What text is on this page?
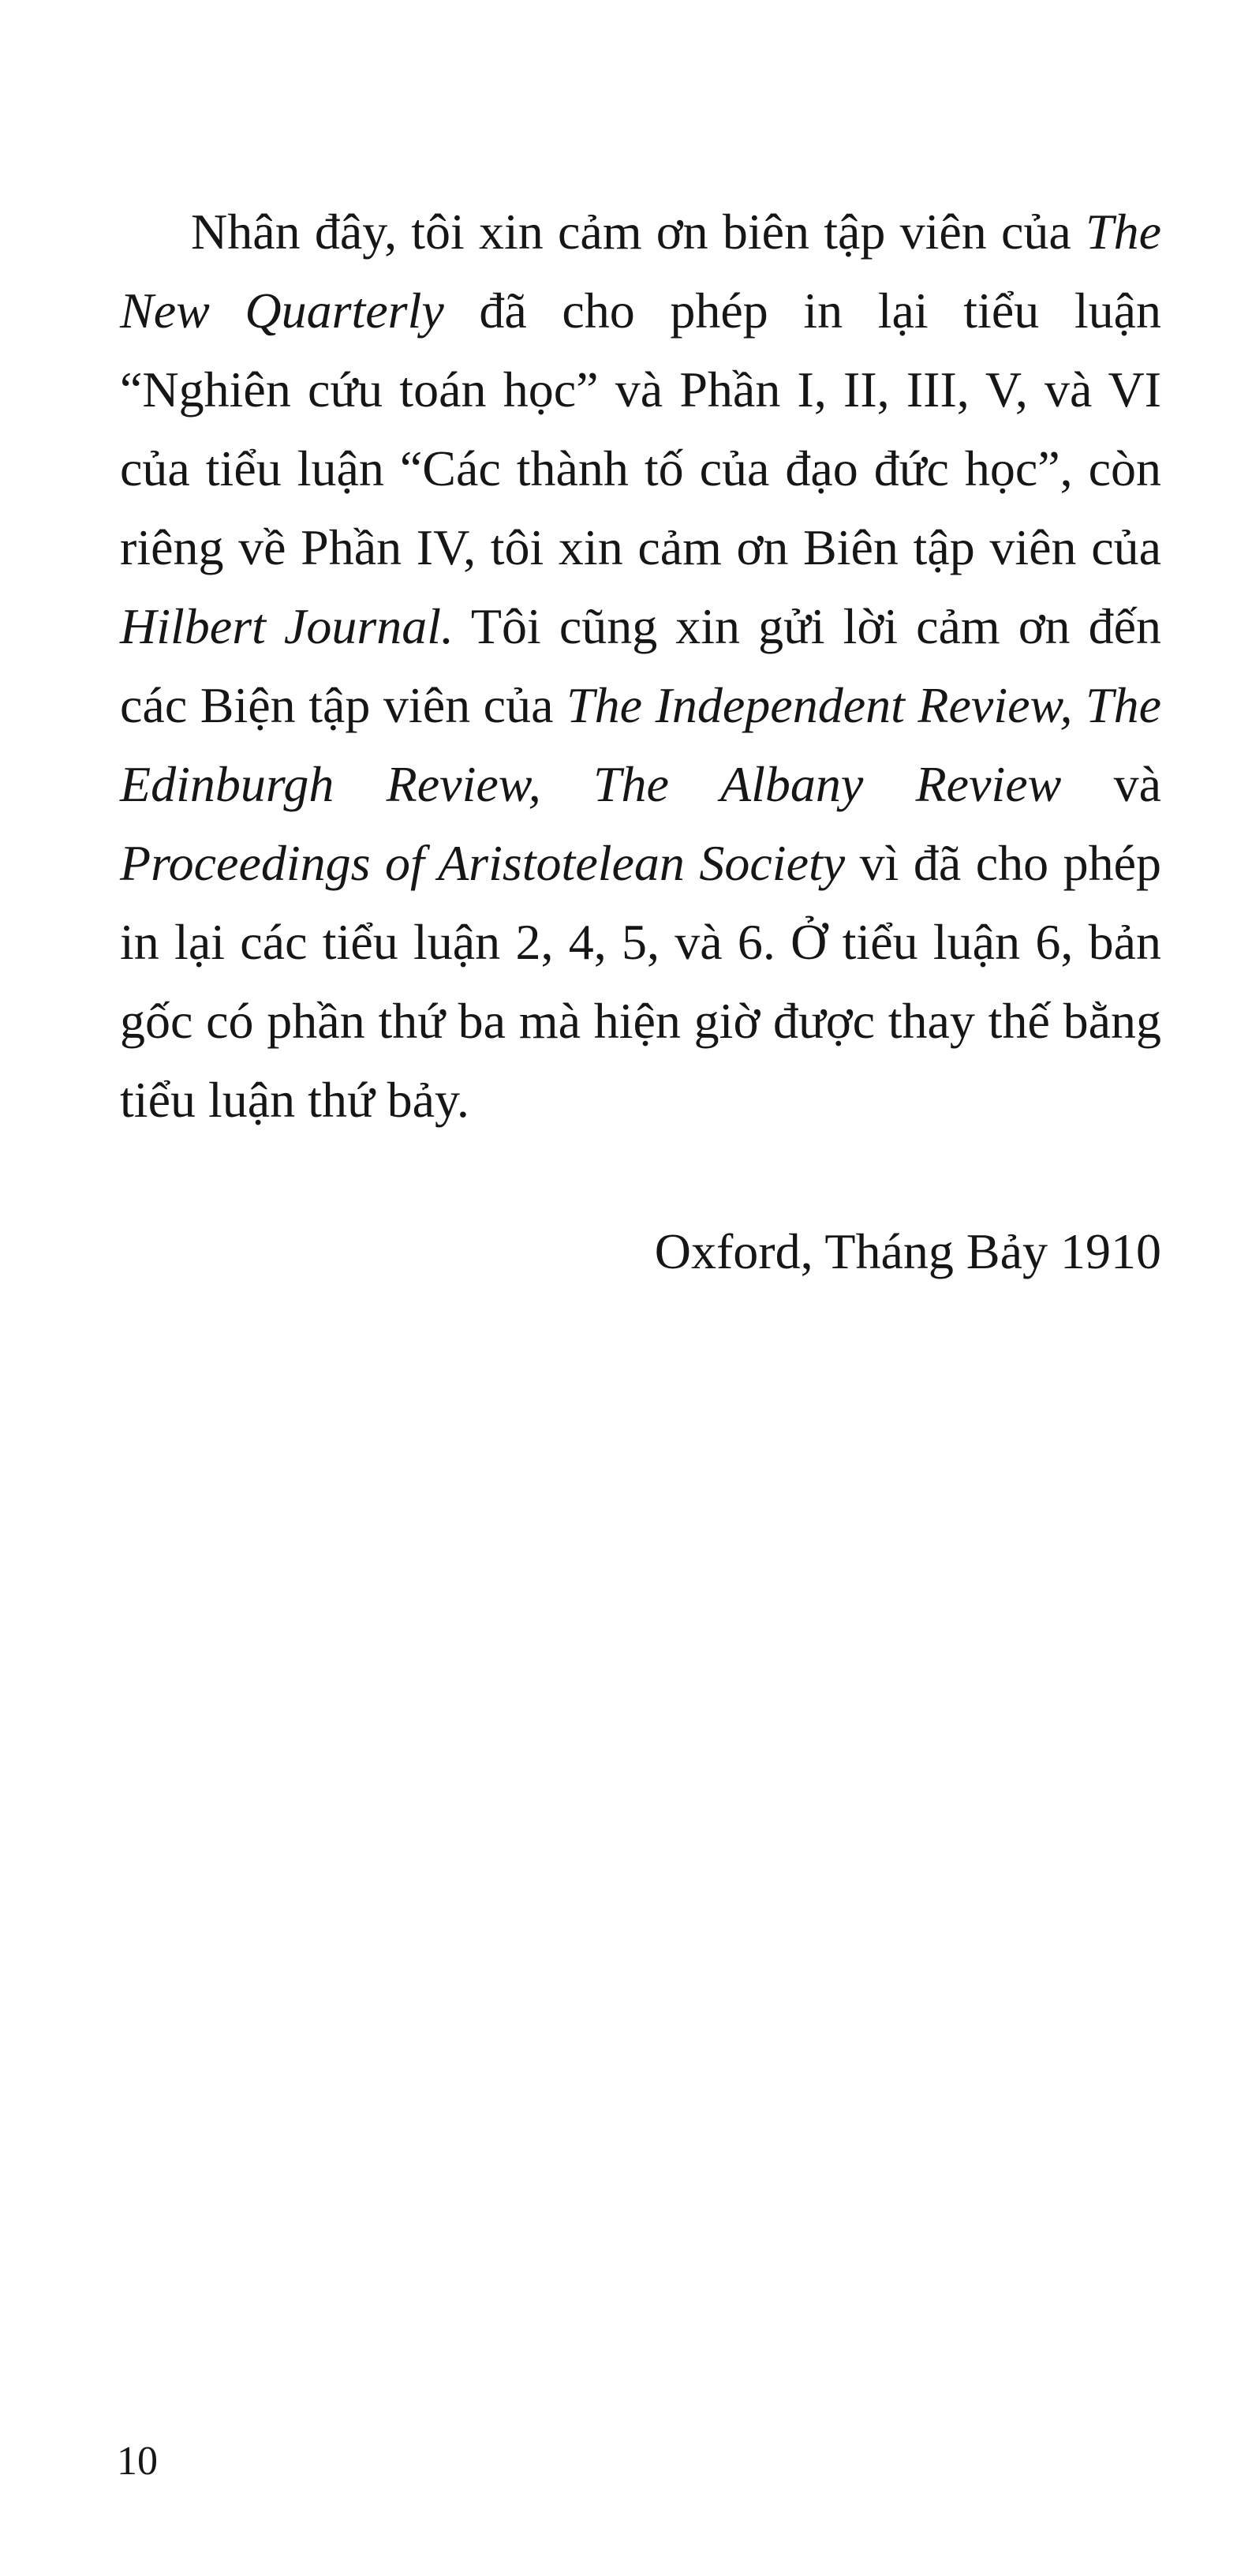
Nhân đây, tôi xin cảm ơn biên tập viên của The New Quarterly đã cho phép in lại tiểu luận “Nghiên cứu toán học” và Phần I, II, III, V, và VI của tiểu luận “Các thành tố của đạo đức học”, còn riêng về Phần IV, tôi xin cảm ơn Biên tập viên của Hilbert Journal. Tôi cũng xin gửi lời cảm ơn đến các Biện tập viên của The Independent Review, The Edinburgh Review, The Albany Review và Proceedings of Aristotelean Society vì đã cho phép in lại các tiểu luận 2, 4, 5, và 6. Ở tiểu luận 6, bản gốc có phần thứ ba mà hiện giờ được thay thế bằng tiểu luận thứ bảy.

Oxford, Tháng Bảy 1910
10
